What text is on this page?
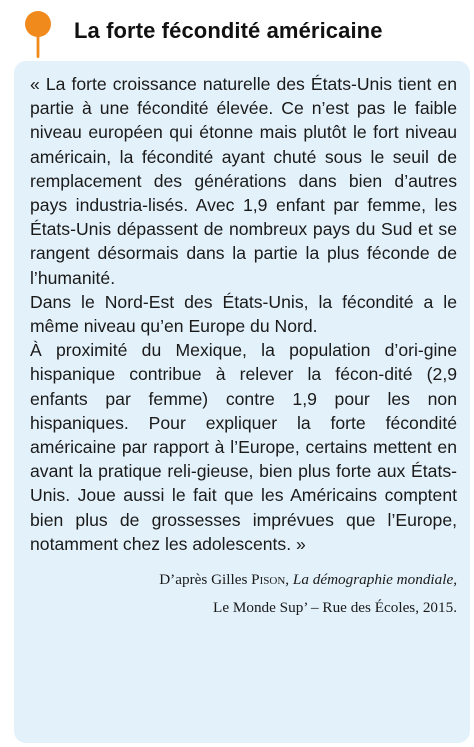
La forte fécondité américaine

« La forte croissance naturelle des États-Unis tient en partie à une fécondité élevée. Ce n’est pas le faible niveau européen qui étonne mais plutôt le fort niveau américain, la fécondité ayant chuté sous le seuil de remplacement des générations dans bien d’autres pays industria-lisés. Avec 1,9 enfant par femme, les États-Unis dépassent de nombreux pays du Sud et se rangent désormais dans la partie la plus féconde de l’humanité.

Dans le Nord-Est des États-Unis, la fécondité a le même niveau qu’en Europe du Nord.

À proximité du Mexique, la population d’ori-gine hispanique contribue à relever la fécon-dité (2,9 enfants par femme) contre 1,9 pour les non hispaniques. Pour expliquer la forte fécondité américaine par rapport à l’Europe, certains mettent en avant la pratique reli-gieuse, bien plus forte aux États-Unis. Joue aussi le fait que les Américains comptent bien plus de grossesses imprévues que l’Europe, notamment chez les adolescents. »

D’après Gilles Pison, La démographie mondiale,
Le Monde Sup’ – Rue des Écoles, 2015.
